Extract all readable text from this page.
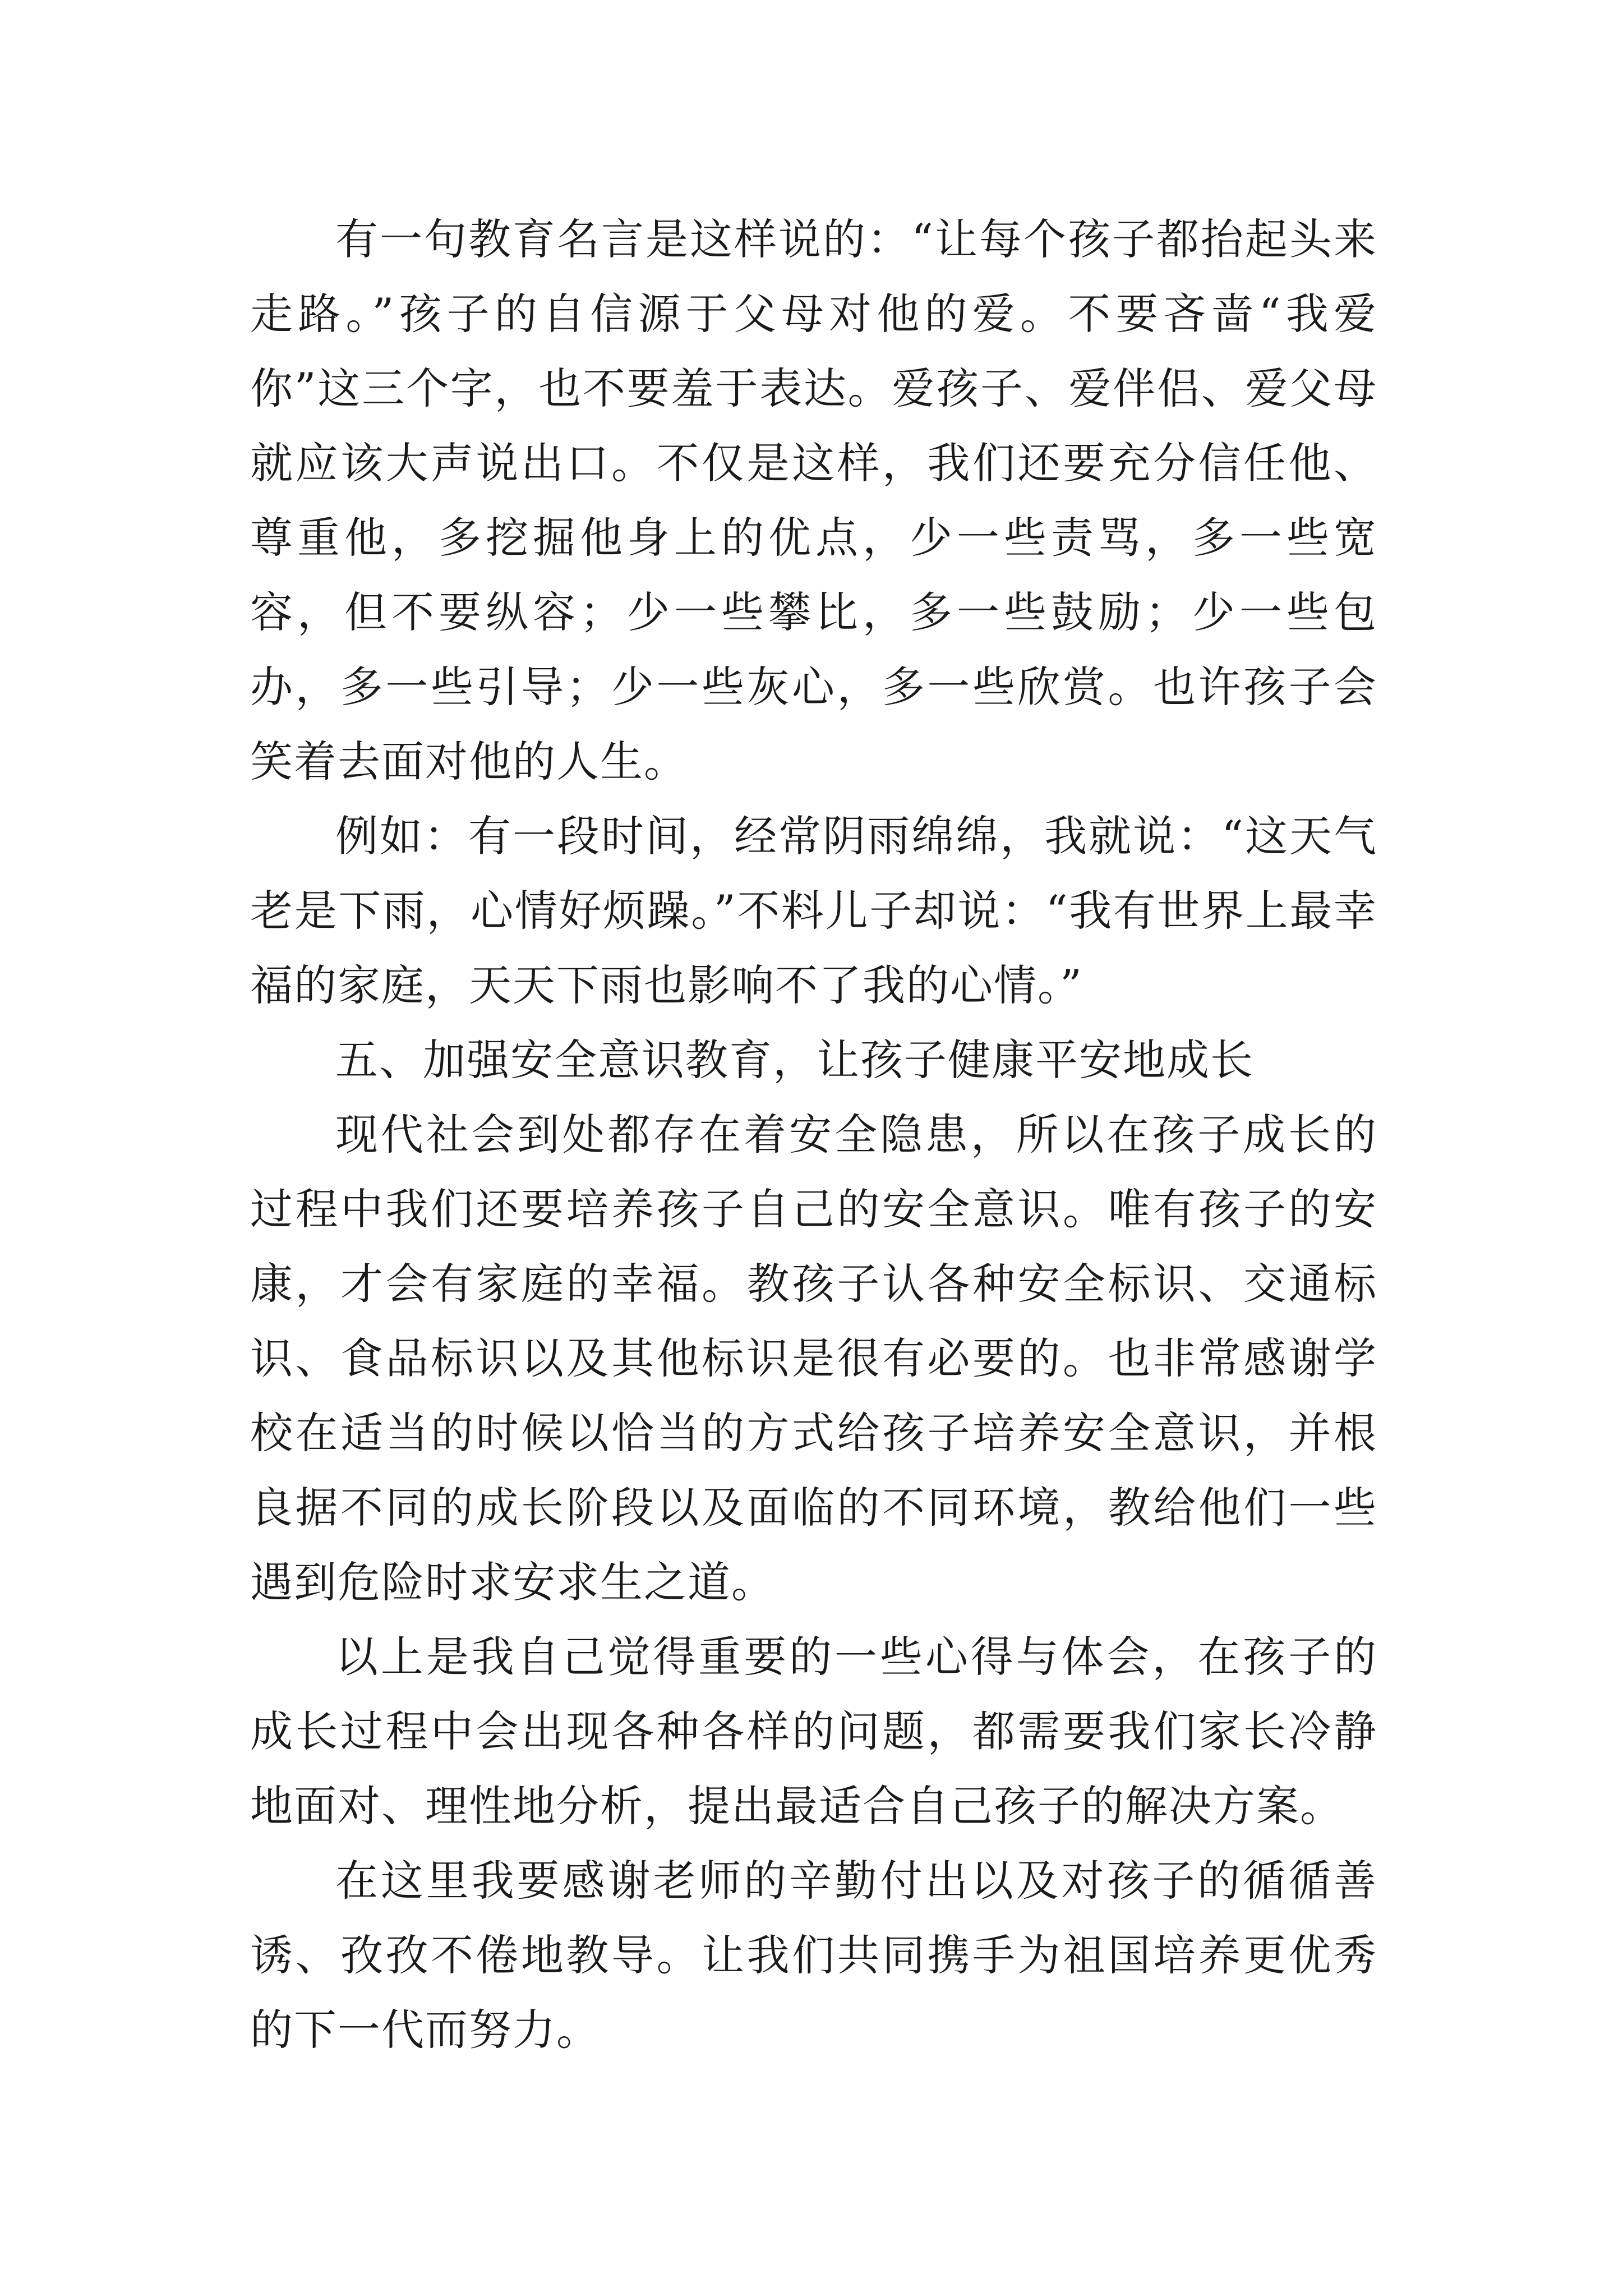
有一句教育名言是这样说的：“让每个孩子都抬起头来走路。”孩子的自信源于父母对他的爱。不要吝啬“我爱你”这三个字，也不要羞于表达。爱孩子、爱伴侣、爱父母就应该大声说出口。不仅是这样，我们还要充分信任他、尊重他，多挖掘他身上的优点，少一些责骂，多一些宽容，但不要纵容；少一些攀比，多一些鼓励；少一些包办，多一些引导；少一些灰心，多一些欣赏。也许孩子会笑着去面对他的人生。

例如：有一段时间，经常阴雨绵绵，我就说：“这天气老是下雨，心情好烦躁。”不料儿子却说：“我有世界上最幸福的家庭，天天下雨也影响不了我的心情。”

五、加强安全意识教育，让孩子健康平安地成长

现代社会到处都存在着安全隐患，所以在孩子成长的过程中我们还要培养孩子自己的安全意识。唯有孩子的安康，才会有家庭的幸福。教孩子认各种安全标识、交通标识、食品标识以及其他标识是很有必要的。也非常感谢学校在适当的时候以恰当的方式给孩子培养安全意识，并根良据不同的成长阶段以及面临的不同环境，教给他们一些遇到危险时求安求生之道。

以上是我自己觉得重要的一些心得与体会，在孩子的成长过程中会出现各种各样的问题，都需要我们家长冷静地面对、理性地分析，提出最适合自己孩子的解决方案。

在这里我要感谢老师的辛勤付出以及对孩子的循循善诱、孜孜不倦地教导。让我们共同携手为祖国培养更优秀的下一代而努力。
